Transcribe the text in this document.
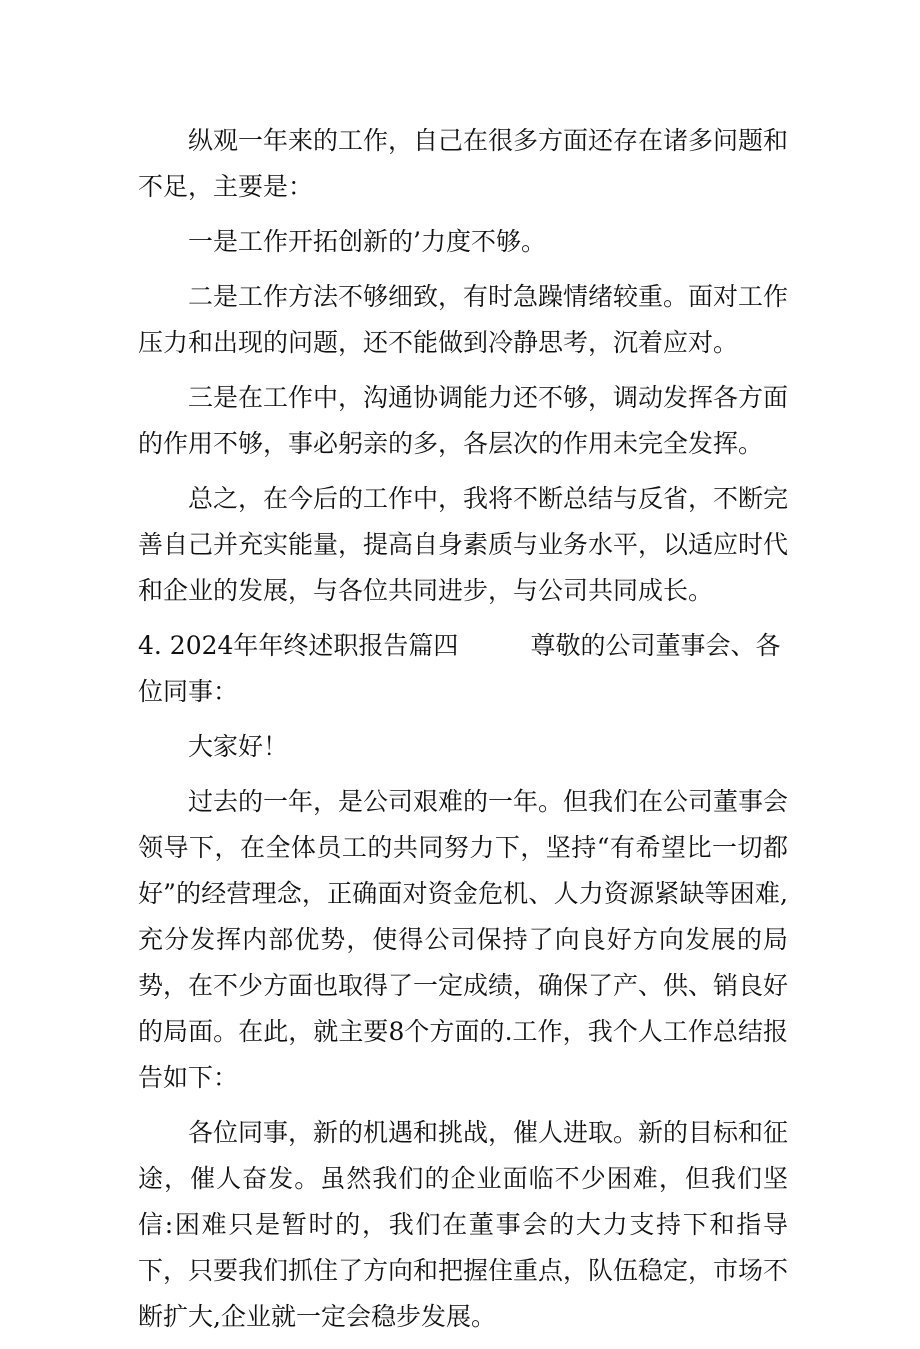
纵观一年来的工作，自己在很多方面还存在诸多问题和不足，主要是：

一是工作开拓创新的’力度不够。

二是工作方法不够细致，有时急躁情绪较重。面对工作压力和出现的问题，还不能做到冷静思考，沉着应对。

三是在工作中，沟通协调能力还不够，调动发挥各方面的作用不够，事必躬亲的多，各层次的作用未完全发挥。

总之，在今后的工作中，我将不断总结与反省，不断完善自己并充实能量，提高自身素质与业务水平，以适应时代和企业的发展，与各位共同进步，与公司共同成长。

4. 2024年年终述职报告篇四	尊敬的公司董事会、各位同事：

大家好！

过去的一年，是公司艰难的一年。但我们在公司董事会领导下，在全体员工的共同努力下，坚持“有希望比一切都好”的经营理念，正确面对资金危机、人力资源紧缺等困难,充分发挥内部优势，使得公司保持了向良好方向发展的局势，在不少方面也取得了一定成绩，确保了产、供、销良好的局面。在此，就主要8个方面的.工作，我个人工作总结报告如下：

各位同事，新的机遇和挑战，催人进取。新的目标和征途，催人奋发。虽然我们的企业面临不少困难，但我们坚信:困难只是暂时的，我们在董事会的大力支持下和指导下，只要我们抓住了方向和把握住重点，队伍稳定，市场不断扩大,企业就一定会稳步发展。
